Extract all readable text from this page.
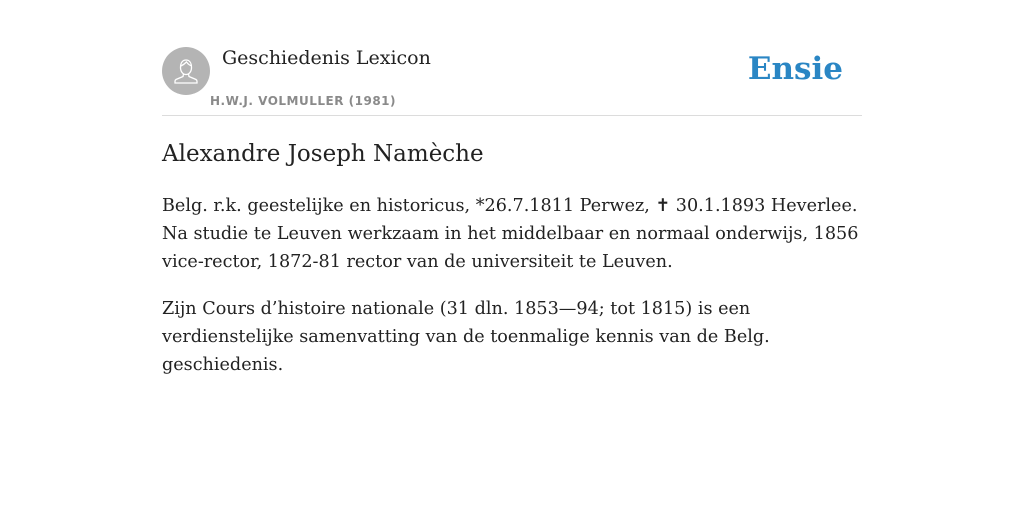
Geschiedenis Lexicon
H.W.J. VOLMULLER (1981)
Ensie
Alexandre Joseph Namèche

Belg. r.k. geestelijke en historicus, *26.7.1811 Perwez, ✝ 30.1.1893 Heverlee. Na studie te Leuven werkzaam in het middelbaar en normaal onderwijs, 1856 vice-rector, 1872-81 rector van de universiteit te Leuven.

Zijn Cours d’histoire nationale (31 dln. 1853—94; tot 1815) is een verdienstelijke samenvatting van de toenmalige kennis van de Belg. geschiedenis.
